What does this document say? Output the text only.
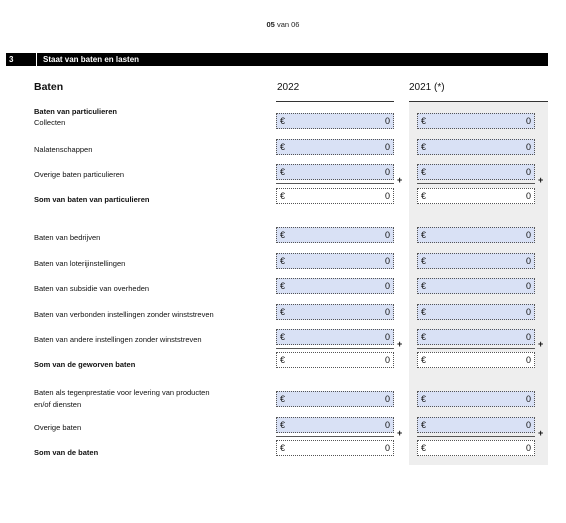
05 van 06
3	Staat van baten en lasten
Baten	2022	2021 (*)
Baten van particulieren
Collecten	€	0	€	0
Nalatenschappen	€	0	€	0
Overige baten particulieren	€	0	€	0
+	+
Som van baten van particulieren	€	0	€	0
Baten van bedrijven	€	0	€	0
Baten van loterijinstellingen	€	0	€	0
Baten van subsidie van overheden	€	0	€	0
Baten van verbonden instellingen zonder winststreven	€	0	€	0
Baten van andere instellingen zonder winststreven	€	0	€	0
+	+
Som van de geworven baten	€	0	€	0
Baten als tegenprestatie voor levering van producten
en/of diensten
€	0	€	0
Overige baten	€	0	€	0
+	+
Som van de baten	€	0	€	0
